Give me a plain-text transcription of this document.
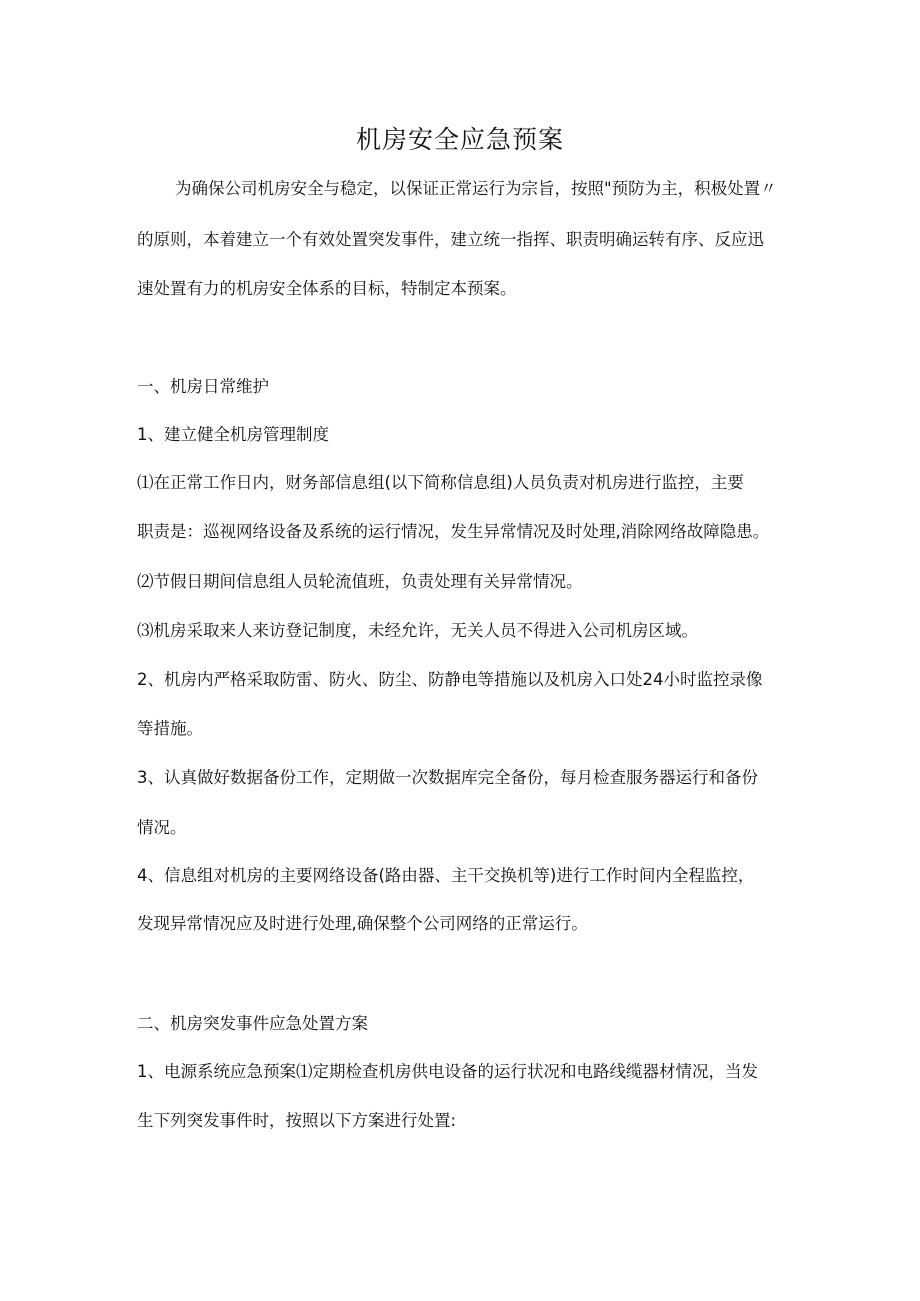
机房安全应急预案

为确保公司机房安全与稳定，以保证正常运行为宗旨，按照"预防为主，积极处置〃

的原则，本着建立一个有效处置突发事件，建立统一指挥、职责明确运转有序、反应迅

速处置有力的机房安全体系的目标，特制定本预案。

一、机房日常维护

1、建立健全机房管理制度

⑴在正常工作日内，财务部信息组(以下简称信息组)人员负责对机房进行监控，主要

职责是：巡视网络设备及系统的运行情况，发生异常情况及时处理,消除网络故障隐患。

⑵节假日期间信息组人员轮流值班，负责处理有关异常情况。

⑶机房采取来人来访登记制度，未经允许，无关人员不得进入公司机房区域。

2、机房内严格采取防雷、防火、防尘、防静电等措施以及机房入口处24小时监控录像

等措施。

3、认真做好数据备份工作，定期做一次数据库完全备份，每月检查服务器运行和备份

情况。

4、信息组对机房的主要网络设备(路由器、主干交换机等)进行工作时间内全程监控，

发现异常情况应及时进行处理,确保整个公司网络的正常运行。

二、机房突发事件应急处置方案

1、电源系统应急预案⑴定期检查机房供电设备的运行状况和电路线缆器材情况，当发

生下列突发事件时，按照以下方案进行处置:
